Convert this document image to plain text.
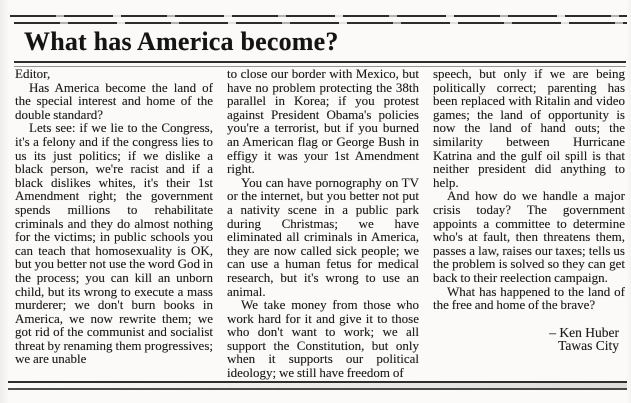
What has America become?

Editor,

Has America become the land of the special interest and home of the double standard?

Lets see: if we lie to the Congress, it's a felony and if the congress lies to us its just politics; if we dislike a black person, we're racist and if a black dislikes whites, it's their 1st Amendment right; the government spends millions to rehabilitate criminals and they do almost nothing for the victims; in public schools you can teach that homosexuality is OK, but you better not use the word God in the process; you can kill an unborn child, but its wrong to execute a mass murderer; we don't burn books in America, we now rewrite them; we got rid of the communist and socialist threat by renaming them progressives; we are unable

to close our border with Mexico, but have no problem protecting the 38th parallel in Korea; if you protest against President Obama's policies you're a terrorist, but if you burned an American flag or George Bush in effigy it was your 1st Amendment right.

You can have pornography on TV or the internet, but you better not put a nativity scene in a public park during Christmas; we have eliminated all criminals in America, they are now called sick people; we can use a human fetus for medical research, but it's wrong to use an animal.

We take money from those who work hard for it and give it to those who don't want to work; we all support the Constitution, but only when it supports our political ideology; we still have freedom of

speech, but only if we are being politically correct; parenting has been replaced with Ritalin and video games; the land of opportunity is now the land of hand outs; the similarity between Hurricane Katrina and the gulf oil spill is that neither president did anything to help.

And how do we handle a major crisis today? The government appoints a committee to determine who's at fault, then threatens them, passes a law, raises our taxes; tells us the problem is solved so they can get back to their reelection campaign.

What has happened to the land of the free and home of the brave?

– Ken Huber
Tawas City
